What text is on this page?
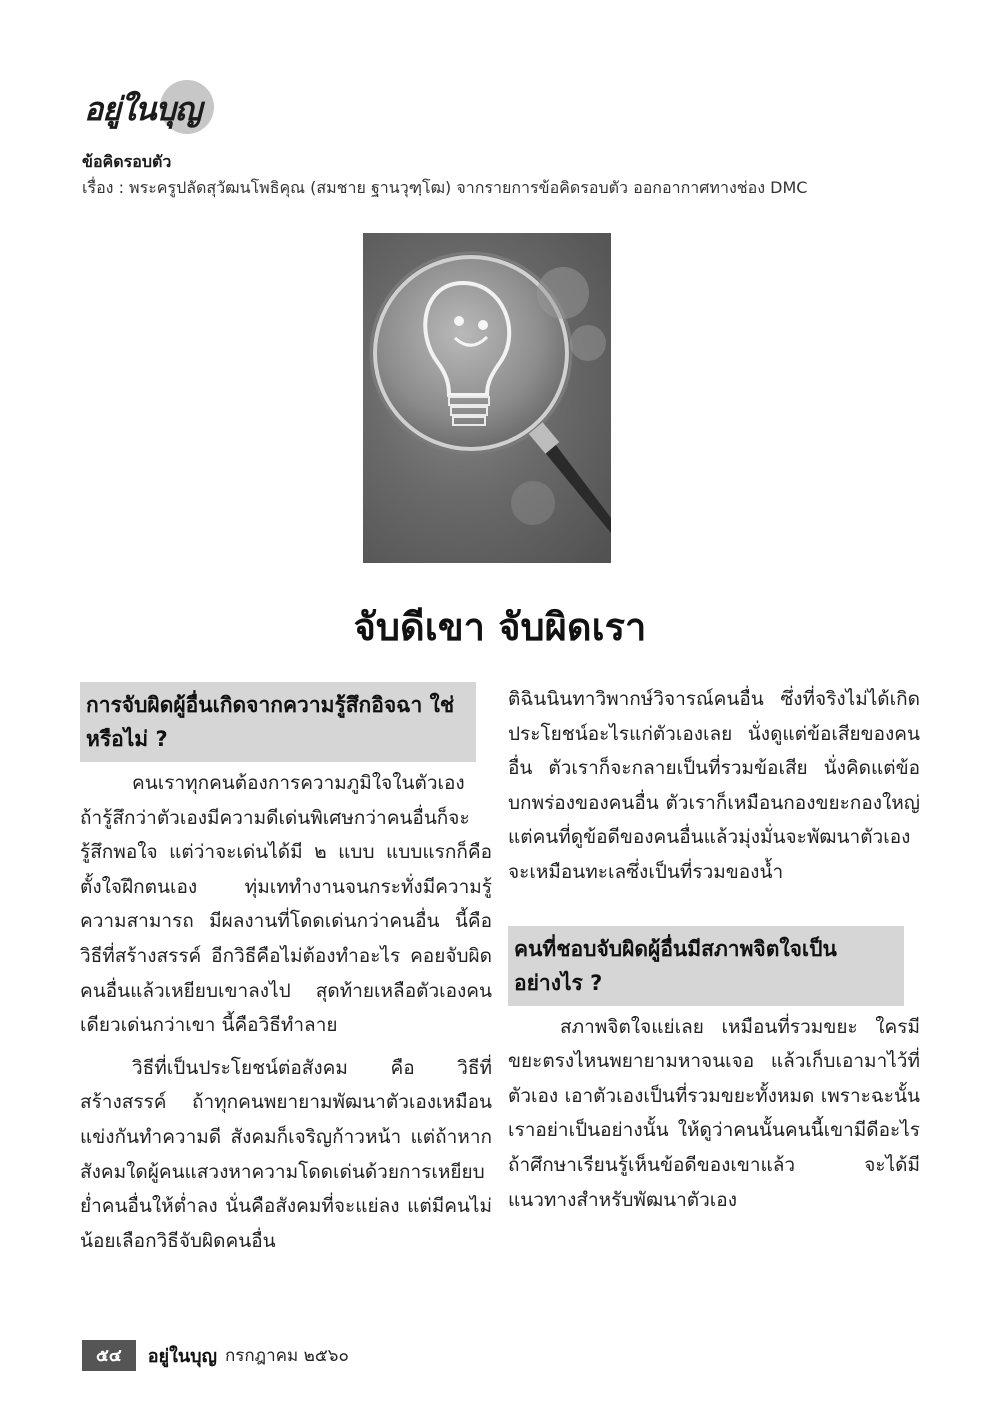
อยู่ในบุญ
ข้อคิดรอบตัว
เรื่อง : พระครูปลัดสุวัฒนโพธิคุณ (สมชาย ฐานวุฑฺโฒ) จากรายการข้อคิดรอบตัว ออกอากาศทางช่อง DMC
จับดีเขา จับผิดเรา
การจับผิดผู้อื่นเกิดจากความรู้สึกอิจฉา ใช่หรือไม่ ?

คนเราทุกคนต้องการความภูมิใจในตัวเอง ถ้ารู้สึกว่าตัวเองมีความดีเด่นพิเศษกว่าคนอื่นก็จะรู้สึกพอใจ แต่ว่าจะเด่นได้มี ๒ แบบ แบบแรกก็คือ ตั้งใจฝึกตนเอง ทุ่มเททำงานจนกระทั่งมีความรู้ ความสามารถ มีผลงานที่โดดเด่นกว่าคนอื่น นี้คือวิธีที่สร้างสรรค์ อีกวิธีคือไม่ต้องทำอะไร คอยจับผิดคนอื่นแล้วเหยียบเขาลงไป สุดท้ายเหลือตัวเองคนเดียวเด่นกว่าเขา นี้คือวิธีทำลาย

วิธีที่เป็นประโยชน์ต่อสังคม คือ วิธีที่สร้างสรรค์ ถ้าทุกคนพยายามพัฒนาตัวเองเหมือนแข่งกันทำความดี สังคมก็เจริญก้าวหน้า แต่ถ้าหากสังคมใดผู้คนแสวงหาความโดดเด่นด้วยการเหยียบย่ำคนอื่นให้ต่ำลง นั่นคือสังคมที่จะแย่ลง แต่มีคนไม่น้อยเลือกวิธีจับผิดคนอื่น

ติฉินนินทาวิพากษ์วิจารณ์คนอื่น ซึ่งที่จริงไม่ได้เกิดประโยชน์อะไรแก่ตัวเองเลย นั่งดูแต่ข้อเสียของคนอื่น ตัวเราก็จะกลายเป็นที่รวมข้อเสีย นั่งคิดแต่ข้อบกพร่องของคนอื่น ตัวเราก็เหมือนกองขยะกองใหญ่ แต่คนที่ดูข้อดีของคนอื่นแล้วมุ่งมั่นจะพัฒนาตัวเอง จะเหมือนทะเลซึ่งเป็นที่รวมของน้ำ

คนที่ชอบจับผิดผู้อื่นมีสภาพจิตใจเป็นอย่างไร ?

สภาพจิตใจแย่เลย เหมือนที่รวมขยะ ใครมีขยะตรงไหนพยายามหาจนเจอ แล้วเก็บเอามาไว้ที่ตัวเอง เอาตัวเองเป็นที่รวมขยะทั้งหมด เพราะฉะนั้นเราอย่าเป็นอย่างนั้น ให้ดูว่าคนนั้นคนนี้เขามีดีอะไร ถ้าศึกษาเรียนรู้เห็นข้อดีของเขาแล้ว จะได้มีแนวทางสำหรับพัฒนาตัวเอง

๕๔	อยู่ในบุญ กรกฎาคม ๒๕๖๐
